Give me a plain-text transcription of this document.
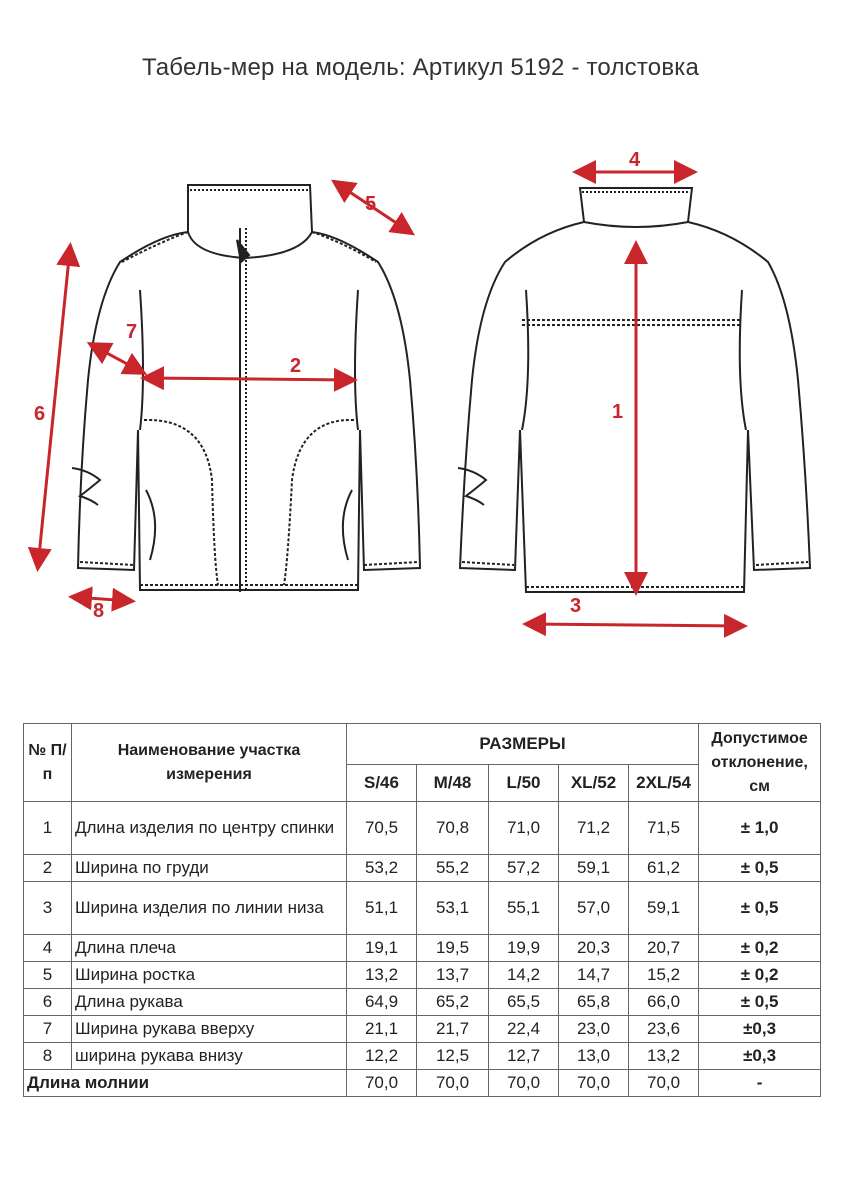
Табель-мер на модель: Артикул 5192 - толстовка
5
7
2
6
8
4
1
3
№ П/п	Наименование участка измерения	РАЗМЕРЫ					Допустимое отклонение, см
		S/46	M/48	L/50	XL/52	2XL/54	
1	Длина изделия по центру спинки	70,5	70,8	71,0	71,2	71,5	± 1,0
2	Ширина по груди	53,2	55,2	57,2	59,1	61,2	± 0,5
3	Ширина изделия по линии низа	51,1	53,1	55,1	57,0	59,1	± 0,5
4	Длина плеча	19,1	19,5	19,9	20,3	20,7	± 0,2
5	Ширина ростка	13,2	13,7	14,2	14,7	15,2	± 0,2
6	Длина рукава	64,9	65,2	65,5	65,8	66,0	± 0,5
7	Ширина рукава вверху	21,1	21,7	22,4	23,0	23,6	±0,3
8	ширина рукава внизу	12,2	12,5	12,7	13,0	13,2	±0,3
Длина молнии		70,0	70,0	70,0	70,0	70,0	-
